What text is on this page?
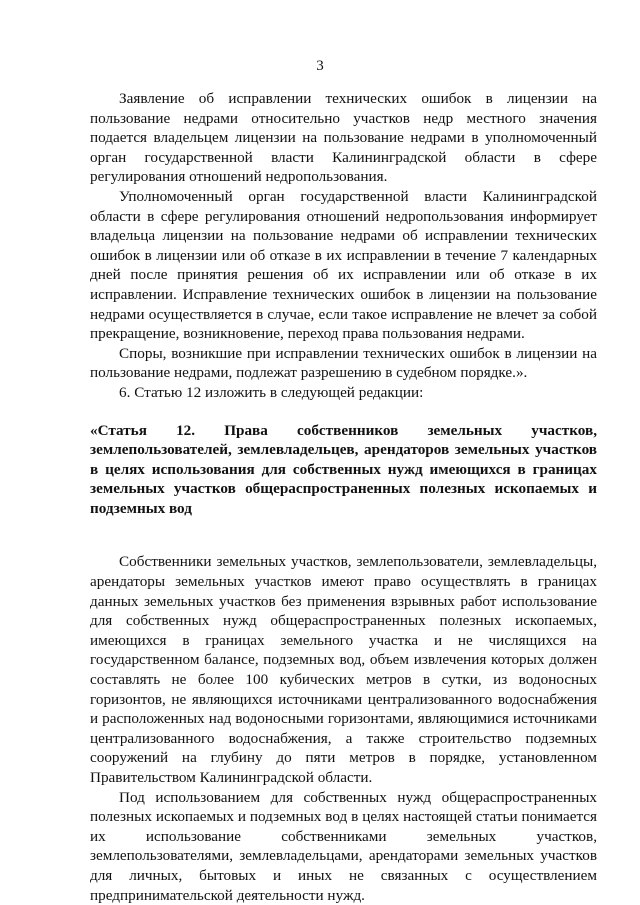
3

Заявление об исправлении технических ошибок в лицензии на пользование недрами относительно участков недр местного значения подается владельцем лицензии на пользование недрами в уполномоченный орган государственной власти Калининградской области в сфере регулирования отношений недропользования.

Уполномоченный орган государственной власти Калининградской области в сфере регулирования отношений недропользования информирует владельца лицензии на пользование недрами об исправлении технических ошибок в лицензии или об отказе в их исправлении в течение 7 календарных дней после принятия решения об их исправлении или об отказе в их исправлении. Исправление технических ошибок в лицензии на пользование недрами осуществляется в случае, если такое исправление не влечет за собой прекращение, возникновение, переход права пользования недрами.

Споры, возникшие при исправлении технических ошибок в лицензии на пользование недрами, подлежат разрешению в судебном порядке.».

6. Статью 12 изложить в следующей редакции:

«Статья 12. Права собственников земельных участков, землепользователей, землевладельцев, арендаторов земельных участков в целях использования для собственных нужд имеющихся в границах земельных участков общераспространенных полезных ископаемых и подземных вод

Собственники земельных участков, землепользователи, землевладельцы, арендаторы земельных участков имеют право осуществлять в границах данных земельных участков без применения взрывных работ использование для собственных нужд общераспространенных полезных ископаемых, имеющихся в границах земельного участка и не числящихся на государственном балансе, подземных вод, объем извлечения которых должен составлять не более 100 кубических метров в сутки, из водоносных горизонтов, не являющихся источниками централизованного водоснабжения и расположенных над водоносными горизонтами, являющимися источниками централизованного водоснабжения, а также строительство подземных сооружений на глубину до пяти метров в порядке, установленном Правительством Калининградской области.

Под использованием для собственных нужд общераспространенных полезных ископаемых и подземных вод в целях настоящей статьи понимается их использование собственниками земельных участков, землепользователями, землевладельцами, арендаторами земельных участков для личных, бытовых и иных не связанных с осуществлением предпринимательской деятельности нужд.
